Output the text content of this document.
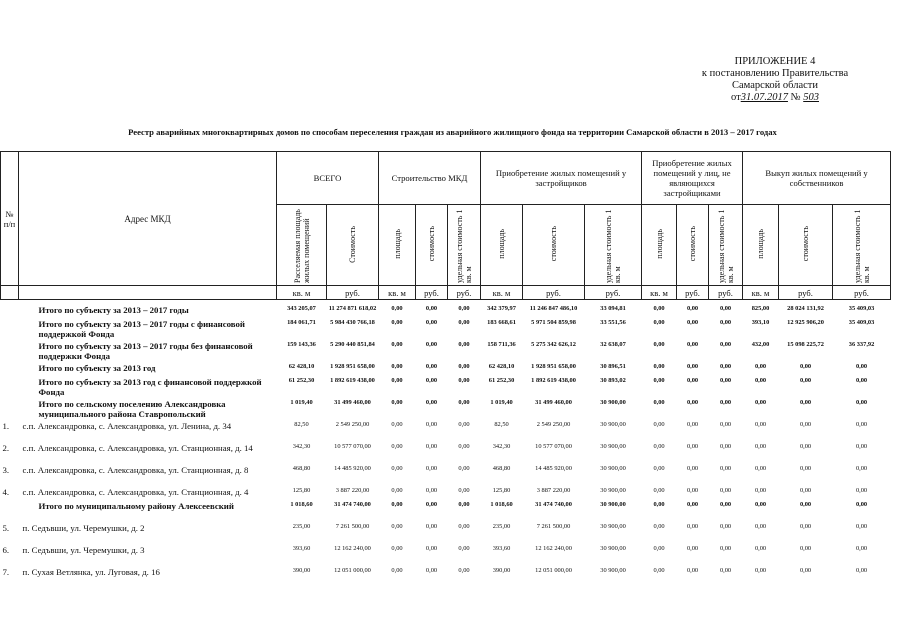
ПРИЛОЖЕНИЕ 4
к постановлению Правительства
Самарской области
от31.07.2017 № 503
Реестр аварийных многоквартирных домов по способам переселения граждан из аварийного жилищного фонда на территории Самарской области в 2013 – 2017 годах
№ п/п	Адрес МКД	ВСЕГО		Строительство МКД			Приобретение жилых помещений у застройщиков			Приобретение жилых помещений у лиц, не являющихся застройщиками			Выкуп жилых помещений у собственников		
		Расселяемая площадь жилых помещений	Стоимость	площадь	стоимость	удельная стоимость 1 кв. м	площадь	стоимость	удельная стоимость 1 кв. м	площадь	стоимость	удельная стоимость 1 кв. м	площадь	стоимость	удельная стоимость 1 кв. м
		кв. м	руб.	кв. м	руб.	руб.	кв. м	руб.	руб.	кв. м	руб.	руб.	кв. м	руб.	руб.
	Итого по субъекту за 2013 – 2017 годы	343 205,07	11 274 871 618,02	0,00	0,00	0,00	342 379,97	11 246 847 486,10	33 094,81	0,00	0,00	0,00	825,00	28 024 131,92	35 409,03
	Итого по субъекту за 2013 – 2017 годы с финансовой поддержкой Фонда	184 061,71	5 984 430 766,18	0,00	0,00	0,00	183 668,61	5 971 504 859,98	33 551,56	0,00	0,00	0,00	393,10	12 925 906,20	35 409,03
	Итого по субъекту за 2013 – 2017 годы без финансовой поддержки Фонда	159 143,36	5 290 440 851,84	0,00	0,00	0,00	158 711,36	5 275 342 626,12	32 638,07	0,00	0,00	0,00	432,00	15 098 225,72	36 337,92
	Итого по субъекту за 2013 год	62 428,10	1 928 951 658,00	0,00	0,00	0,00	62 428,10	1 928 951 658,00	30 896,51	0,00	0,00	0,00	0,00	0,00	0,00
	Итого по субъекту за 2013 год с финансовой поддержкой Фонда	61 252,30	1 892 619 438,00	0,00	0,00	0,00	61 252,30	1 892 619 438,00	30 893,02	0,00	0,00	0,00	0,00	0,00	0,00
	Итого по сельскому поселению Александровка муниципального района Ставропольский	1 019,40	31 499 460,00	0,00	0,00	0,00	1 019,40	31 499 460,00	30 900,00	0,00	0,00	0,00	0,00	0,00	0,00
1.	с.п. Александровка, с. Александровка, ул. Ленина, д. 34	82,50	2 549 250,00	0,00	0,00	0,00	82,50	2 549 250,00	30 900,00	0,00	0,00	0,00	0,00	0,00	0,00
2.	с.п. Александровка, с. Александровка, ул. Станционная, д. 14	342,30	10 577 070,00	0,00	0,00	0,00	342,30	10 577 070,00	30 900,00	0,00	0,00	0,00	0,00	0,00	0,00
3.	с.п. Александровка, с. Александровка, ул. Станционная, д. 8	468,80	14 485 920,00	0,00	0,00	0,00	468,80	14 485 920,00	30 900,00	0,00	0,00	0,00	0,00	0,00	0,00
4.	с.п. Александровка, с. Александровка, ул. Станционная, д. 4	125,80	3 887 220,00	0,00	0,00	0,00	125,80	3 887 220,00	30 900,00	0,00	0,00	0,00	0,00	0,00	0,00
	Итого по муниципальному району Алексеевский	1 018,60	31 474 740,00	0,00	0,00	0,00	1 018,60	31 474 740,00	30 900,00	0,00	0,00	0,00	0,00	0,00	0,00
5.	п. Седъвши, ул. Черемушки, д. 2	235,00	7 261 500,00	0,00	0,00	0,00	235,00	7 261 500,00	30 900,00	0,00	0,00	0,00	0,00	0,00	0,00
6.	п. Седъвши, ул. Черемушки, д. 3	393,60	12 162 240,00	0,00	0,00	0,00	393,60	12 162 240,00	30 900,00	0,00	0,00	0,00	0,00	0,00	0,00
7.	п. Сухая Ветлянка, ул. Луговая, д. 16	390,00	12 051 000,00	0,00	0,00	0,00	390,00	12 051 000,00	30 900,00	0,00	0,00	0,00	0,00	0,00	0,00
